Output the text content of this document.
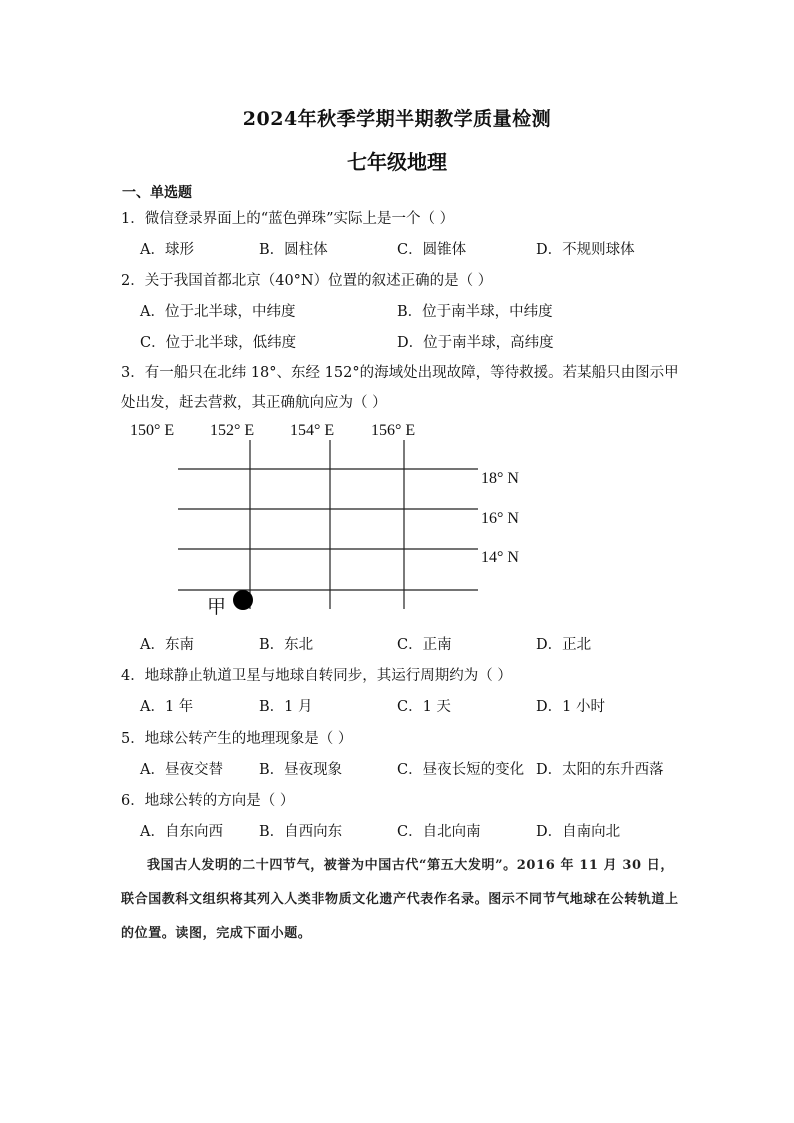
2024年秋季学期半期教学质量检测
七年级地理
一、单选题
1．微信登录界面上的“蓝色弹珠”实际上是一个（ ）
A．球形	B．圆柱体	C．圆锥体	D．不规则球体
2．关于我国首都北京（40°N）位置的叙述正确的是（ ）
A．位于北半球，中纬度	B．位于南半球，中纬度
C．位于北半球，低纬度	D．位于南半球，高纬度
3．有一船只在北纬 18°、东经 152°的海域处出现故障，等待救援。若某船只由图示甲处出发，赶去营救，其正确航向应为（ ）
150° E 152° E 154° E 156° E
18° N
16° N
14° N
甲
A．东南	B．东北	C．正南	D．正北
4．地球静止轨道卫星与地球自转同步，其运行周期约为（ ）
A．1 年	B．1 月	C．1 天	D．1 小时
5．地球公转产生的地理现象是（ ）
A．昼夜交替 B．昼夜现象	C．昼夜长短的变化 D．太阳的东升西落
6．地球公转的方向是（ ）
A．自东向西 B．自西向东	C．自北向南	D．自南向北
我国古人发明的二十四节气，被誉为中国古代“第五大发明”。2016 年 11 月 30 日，联合国教科文组织将其列入人类非物质文化遗产代表作名录。图示不同节气地球在公转轨道上的位置。读图，完成下面小题。
